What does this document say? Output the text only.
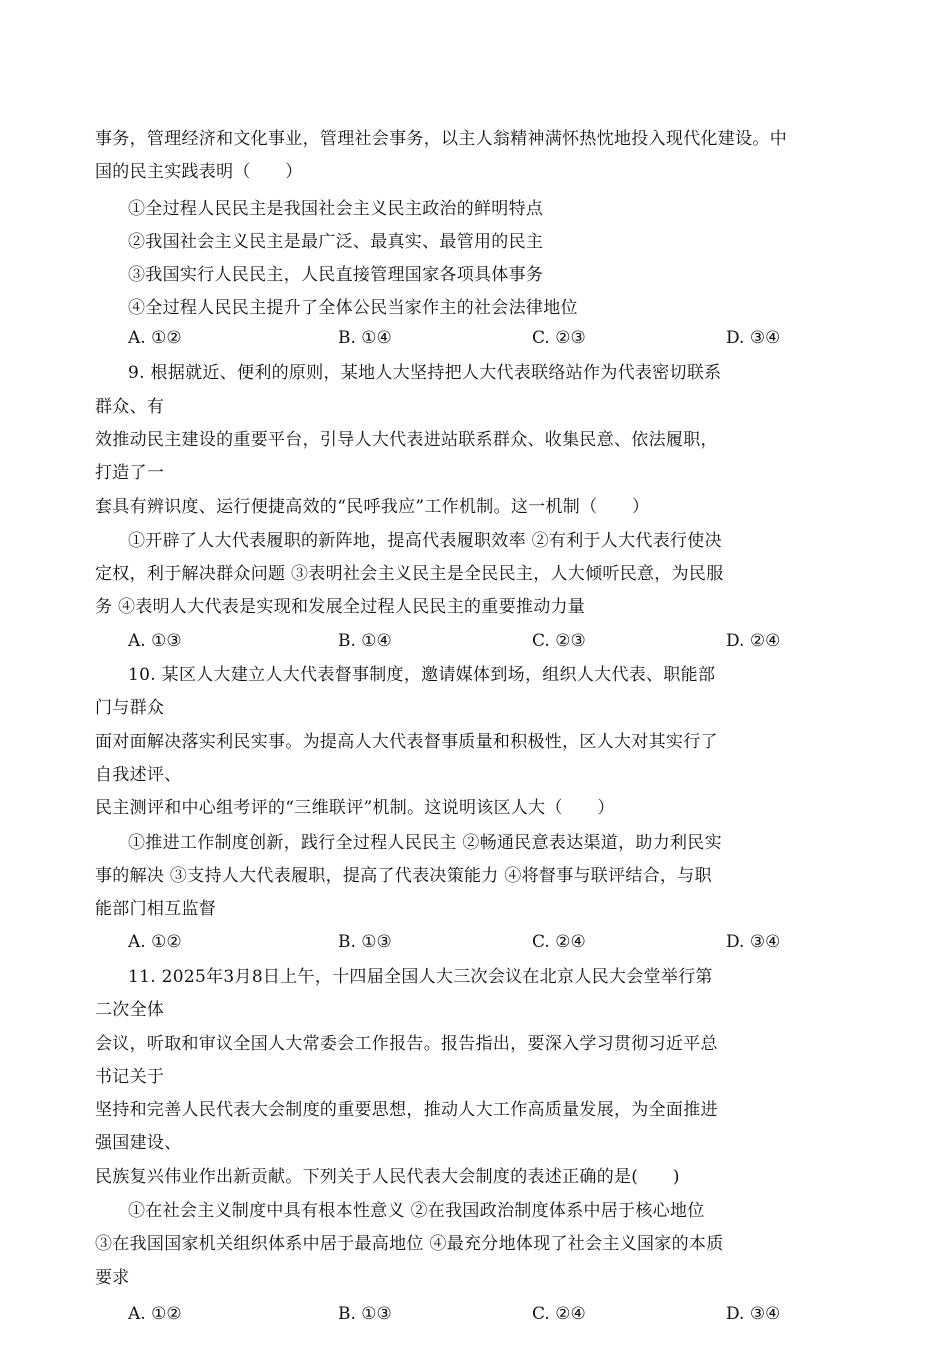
事务，管理经济和文化事业，管理社会事务，以主人翁精神满怀热忱地投入现代化建设。中
国的民主实践表明（　　）
①全过程人民民主是我国社会主义民主政治的鲜明特点
②我国社会主义民主是最广泛、最真实、最管用的民主
③我国实行人民民主，人民直接管理国家各项具体事务
④全过程人民民主提升了全体公民当家作主的社会法律地位
A. ①②	B. ①④	C. ②③	D. ③④
9. 根据就近、便利的原则，某地人大坚持把人大代表联络站作为代表密切联系
群众、有
效推动民主建设的重要平台，引导人大代表进站联系群众、收集民意、依法履职，
打造了一
套具有辨识度、运行便捷高效的“民呼我应”工作机制。这一机制（　　）
①开辟了人大代表履职的新阵地，提高代表履职效率 ②有利于人大代表行使决
定权，利于解决群众问题 ③表明社会主义民主是全民民主，人大倾听民意，为民服
务 ④表明人大代表是实现和发展全过程人民民主的重要推动力量
A. ①③	B. ①④	C. ②③	D. ②④
10. 某区人大建立人大代表督事制度，邀请媒体到场，组织人大代表、职能部
门与群众
面对面解决落实利民实事。为提高人大代表督事质量和积极性，区人大对其实行了
自我述评、
民主测评和中心组考评的“三维联评”机制。这说明该区人大（　　）
①推进工作制度创新，践行全过程人民民主 ②畅通民意表达渠道，助力利民实
事的解决 ③支持人大代表履职，提高了代表决策能力 ④将督事与联评结合，与职
能部门相互监督
A. ①②	B. ①③	C. ②④	D. ③④
11. 2025年3月8日上午，十四届全国人大三次会议在北京人民大会堂举行第
二次全体
会议，听取和审议全国人大常委会工作报告。报告指出，要深入学习贯彻习近平总
书记关于
坚持和完善人民代表大会制度的重要思想，推动人大工作高质量发展，为全面推进
强国建设、
民族复兴伟业作出新贡献。下列关于人民代表大会制度的表述正确的是(　　)
①在社会主义制度中具有根本性意义 ②在我国政治制度体系中居于核心地位
③在我国国家机关组织体系中居于最高地位 ④最充分地体现了社会主义国家的本质
要求
A. ①②	B. ①③	C. ②④	D. ③④
